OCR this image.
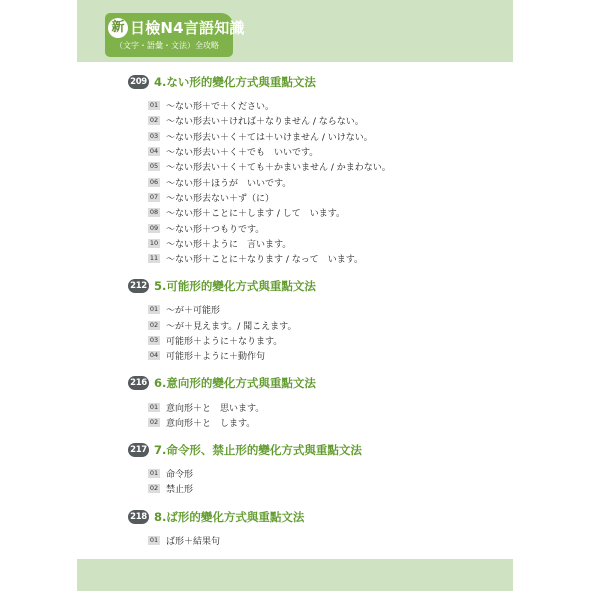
新 日檢N4言語知識
（文字・語彙・文法）全攻略
209 4.ない形的變化方式與重點文法
01 ～ない形＋で＋ください。
02 ～ない形去い＋ければ＋なりません / ならない。
03 ～ない形去い＋く＋ては＋いけません / いけない。
04 ～ない形去い＋く＋でも　いいです。
05 ～ない形去い＋く＋ても＋かまいません / かまわない。
06 ～ない形＋ほうが　いいです。
07 ～ない形去ない＋ず（に）
08 ～ない形＋ことに＋します / して　います。
09 ～ない形＋つもりです。
10 ～ない形＋ように　言います。
11 ～ない形＋ことに＋なります / なって　います。
212 5.可能形的變化方式與重點文法
01 ～が＋可能形
02 ～が＋見えます。/ 聞こえます。
03 可能形＋ように＋なります。
04 可能形＋ように＋動作句
216 6.意向形的變化方式與重點文法
01 意向形＋と　思います。
02 意向形＋と　します。
217 7.命令形、禁止形的變化方式與重點文法
01 命令形
02 禁止形
218 8.ば形的變化方式與重點文法
01 ば形＋結果句
